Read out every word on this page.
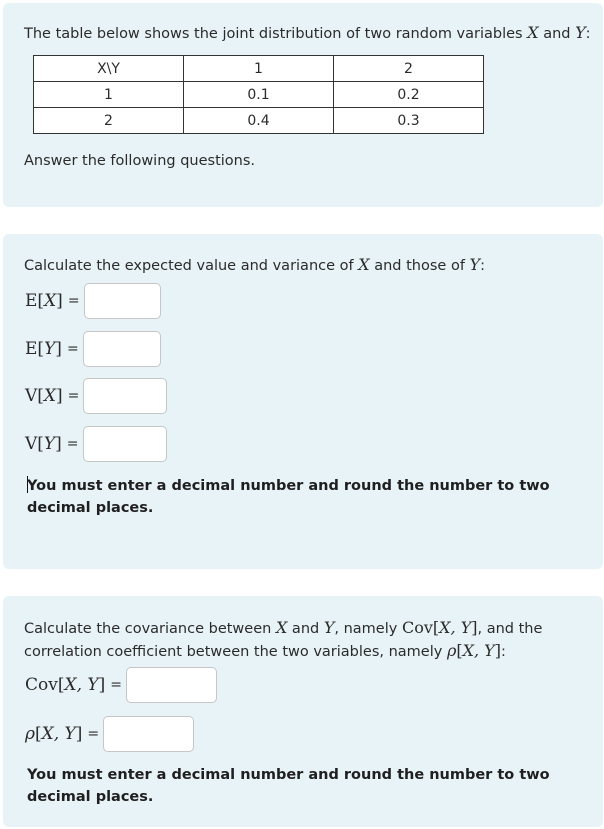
The table below shows the joint distribution of two random variables X and Y:
X\Y	1	2
1	0.1	0.2
2	0.4	0.3
Answer the following questions.
Calculate the expected value and variance of X and those of Y:
E[X] =
E[Y] =
V[X] =
V[Y] =
You must enter a decimal number and round the number to two decimal places.
Calculate the covariance between X and Y, namely Cov[X, Y], and the correlation coefficient between the two variables, namely ρ[X, Y]:
Cov[X, Y] =
ρ[X, Y] =
You must enter a decimal number and round the number to two decimal places.
